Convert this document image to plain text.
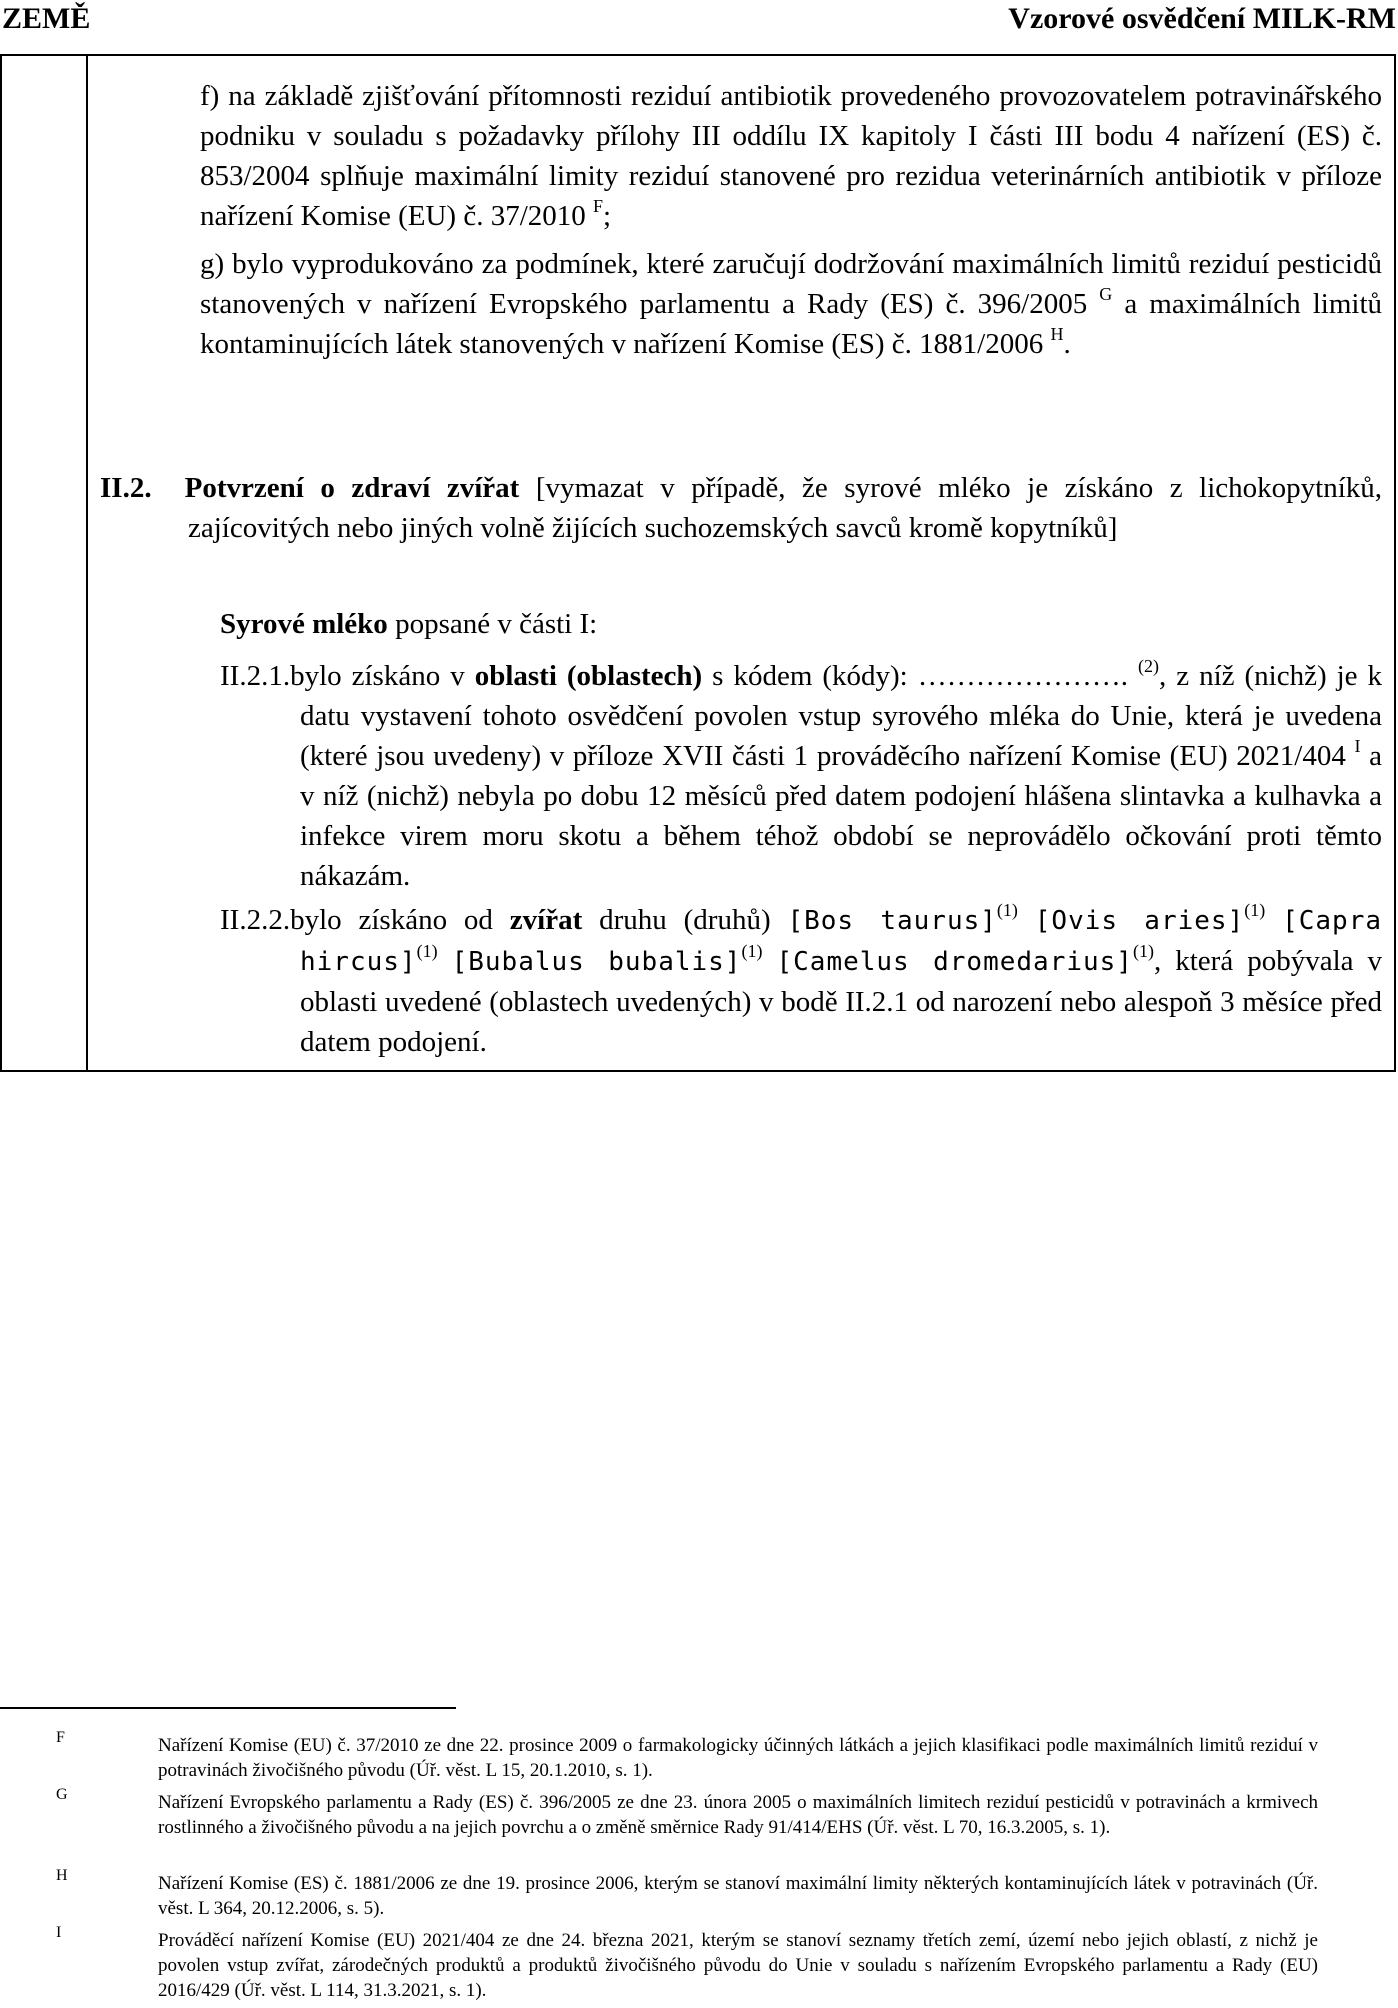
ZEMĚ	Vzorové osvědčení MILK-RM

f) na základě zjišťování přítomnosti reziduí antibiotik provedeného provozovatelem potravinářského podniku v souladu s požadavky přílohy III oddílu IX kapitoly I části III bodu 4 nařízení (ES) č. 853/2004 splňuje maximální limity reziduí stanovené pro rezidua veterinárních antibiotik v příloze nařízení Komise (EU) č. 37/2010 $^F$;

g) bylo vyprodukováno za podmínek, které zaručují dodržování maximálních limitů reziduí pesticidů stanovených v nařízení Evropského parlamentu a Rady (ES) č. 396/2005 $^G$ a maximálních limitů kontaminujících látek stanovených v nařízení Komise (ES) č. 1881/2006 $^H$.

II.2. Potvrzení o zdraví zvířat [vymazat v případě, že syrové mléko je získáno z lichokopytníků, zajícovitých nebo jiných volně žijících suchozemských savců kromě kopytníků]

Syrové mléko popsané v části I:

II.2.1.bylo získáno v oblasti (oblastech) s kódem (kódy): …………………. $^{(2)}$, z níž (nichž) je k datu vystavení tohoto osvědčení povolen vstup syrového mléka do Unie, která je uvedena (které jsou uvedeny) v příloze XVII části 1 prováděcího nařízení Komise (EU) 2021/404 $^I$ a v níž (nichž) nebyla po dobu 12 měsíců před datem podojení hlášena slintavka a kulhavka a infekce virem moru skotu a během téhož období se neprovádělo očkování proti těmto nákazám.

II.2.2.bylo získáno od zvířat druhu (druhů) [Bos taurus]$^{(1)}$ [Ovis aries]$^{(1)}$ [Capra hircus]$^{(1)}$ [Bubalus bubalis]$^{(1)}$ [Camelus dromedarius]$^{(1)}$, která pobývala v oblasti uvedené (oblastech uvedených) v bodě II.2.1 od narození nebo alespoň 3 měsíce před datem podojení.

F	Nařízení Komise (EU) č. 37/2010 ze dne 22. prosince 2009 o farmakologicky účinných látkách a jejich klasifikaci podle maximálních limitů reziduí v potravinách živočišného původu (Úř. věst. L 15, 20.1.2010, s. 1).
G	Nařízení Evropského parlamentu a Rady (ES) č. 396/2005 ze dne 23. února 2005 o maximálních limitech reziduí pesticidů v potravinách a krmivech rostlinného a živočišného původu a na jejich povrchu a o změně směrnice Rady 91/414/EHS (Úř. věst. L 70, 16.3.2005, s. 1).
H	Nařízení Komise (ES) č. 1881/2006 ze dne 19. prosince 2006, kterým se stanoví maximální limity některých kontaminujících látek v potravinách (Úř. věst. L 364, 20.12.2006, s. 5).
I	Prováděcí nařízení Komise (EU) 2021/404 ze dne 24. března 2021, kterým se stanoví seznamy třetích zemí, území nebo jejich oblastí, z nichž je povolen vstup zvířat, zárodečných produktů a produktů živočišného původu do Unie v souladu s nařízením Evropského parlamentu a Rady (EU) 2016/429 (Úř. věst. L 114, 31.3.2021, s. 1).
